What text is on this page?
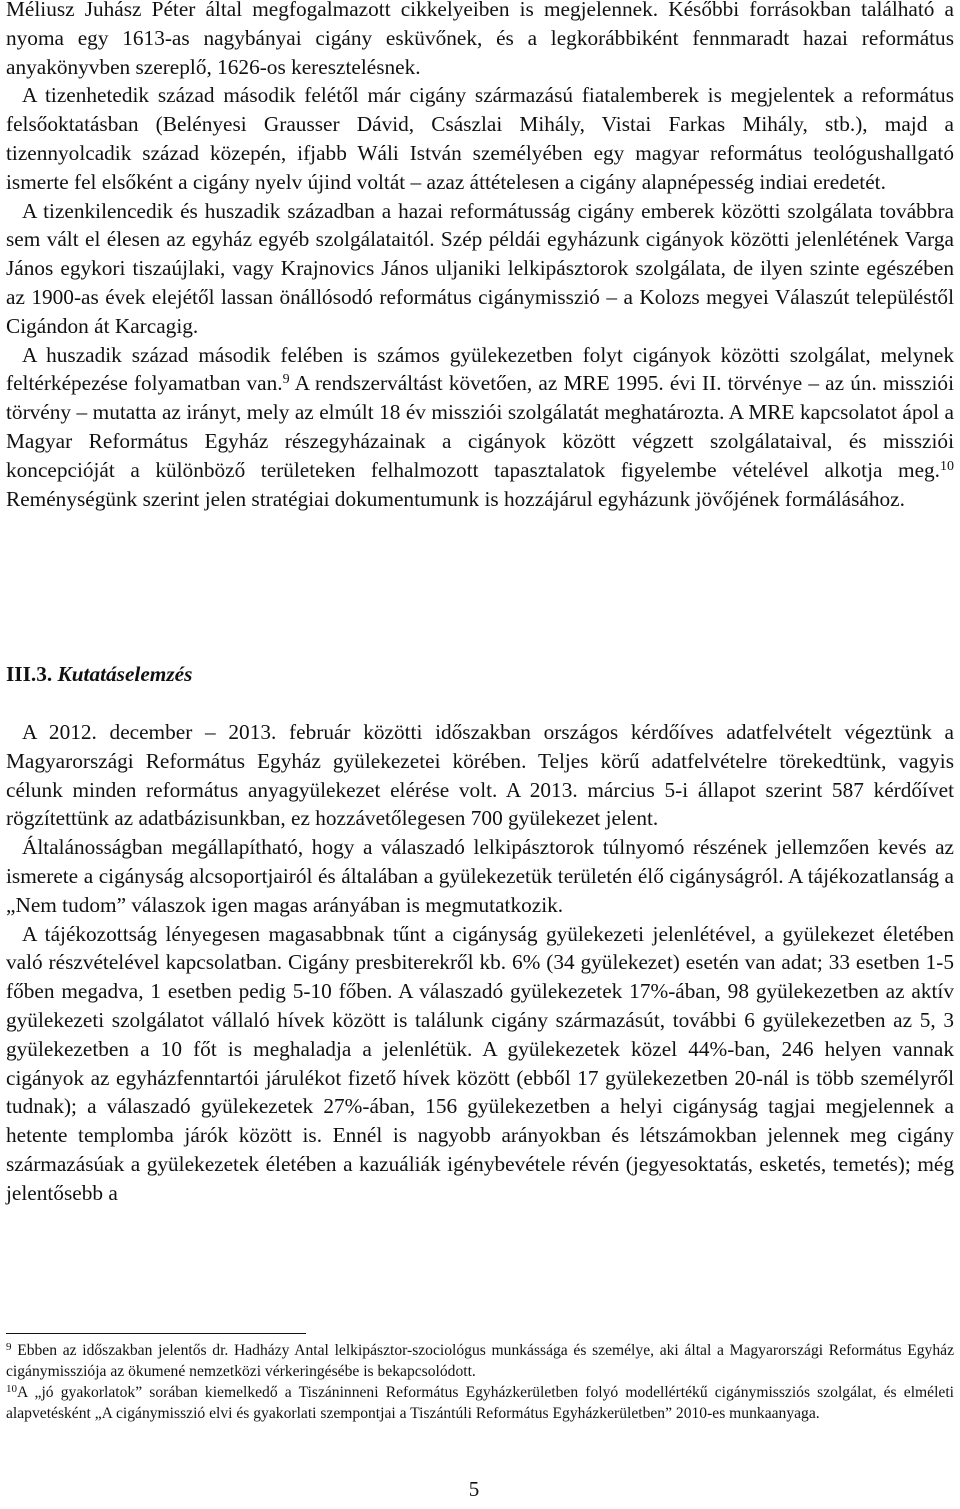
Méliusz Juhász Péter által megfogalmazott cikkelyeiben is megjelennek. Későbbi forrásokban található a nyoma egy 1613-as nagybányai cigány esküvőnek, és a legkorábbiként fennmaradt hazai református anyakönyvben szereplő, 1626-os keresztelésnek.

A tizenhetedik század második felétől már cigány származású fiatalemberek is megjelentek a református felsőoktatásban (Belényesi Grausser Dávid, Császlai Mihály, Vistai Farkas Mihály, stb.), majd a tizennyolcadik század közepén, ifjabb Wáli István személyében egy magyar református teológushallgató ismerte fel elsőként a cigány nyelv újind voltát – azaz áttételesen a cigány alapnépesség indiai eredetét.

A tizenkilencedik és huszadik században a hazai reformátusság cigány emberek közötti szolgálata továbbra sem vált el élesen az egyház egyéb szolgálataitól. Szép példái egyházunk cigányok közötti jelenlétének Varga János egykori tiszaújlaki, vagy Krajnovics János uljaniki lelkipásztorok szolgálata, de ilyen szinte egészében az 1900-as évek elejétől lassan önállósodó református cigánymisszió – a Kolozs megyei Válaszút településtől Cigándon át Karcagig.

A huszadik század második felében is számos gyülekezetben folyt cigányok közötti szolgálat, melynek feltérképezése folyamatban van.$^9$ A rendszerváltást követően, az MRE 1995. évi II. törvénye – az ún. missziói törvény – mutatta az irányt, mely az elmúlt 18 év missziói szolgálatát meghatározta. A MRE kapcsolatot ápol a Magyar Református Egyház részegyházainak a cigányok között végzett szolgálataival, és missziói koncepcióját a különböző területeken felhalmozott tapasztalatok figyelembe vételével alkotja meg.$^{10}$ Reménységünk szerint jelen stratégiai dokumentumunk is hozzájárul egyházunk jövőjének formálásához.

III.3. Kutatáselemzés

A 2012. december – 2013. február közötti időszakban országos kérdőíves adatfelvételt végeztünk a Magyarországi Református Egyház gyülekezetei körében. Teljes körű adatfelvételre törekedtünk, vagyis célunk minden református anyagyülekezet elérése volt. A 2013. március 5-i állapot szerint 587 kérdőívet rögzítettünk az adatbázisunkban, ez hozzávetőlegesen 700 gyülekezet jelent.

Általánosságban megállapítható, hogy a válaszadó lelkipásztorok túlnyomó részének jellemzően kevés az ismerete a cigányság alcsoportjairól és általában a gyülekezetük területén élő cigányságról. A tájékozatlanság a „Nem tudom” válaszok igen magas arányában is megmutatkozik.

A tájékozottság lényegesen magasabbnak tűnt a cigányság gyülekezeti jelenlétével, a gyülekezet életében való részvételével kapcsolatban. Cigány presbiterekről kb. 6% (34 gyülekezet) esetén van adat; 33 esetben 1-5 főben megadva, 1 esetben pedig 5-10 főben. A válaszadó gyülekezetek 17%-ában, 98 gyülekezetben az aktív gyülekezeti szolgálatot vállaló hívek között is találunk cigány származásút, további 6 gyülekezetben az 5, 3 gyülekezetben a 10 főt is meghaladja a jelenlétük. A gyülekezetek közel 44%-ban, 246 helyen vannak cigányok az egyházfenntartói járulékot fizető hívek között (ebből 17 gyülekezetben 20-nál is több személyről tudnak); a válaszadó gyülekezetek 27%-ában, 156 gyülekezetben a helyi cigányság tagjai megjelennek a hetente templomba járók között is. Ennél is nagyobb arányokban és létszámokban jelennek meg cigány származásúak a gyülekezetek életében a kazuáliák igénybevétele révén (jegyesoktatás, esketés, temetés); még jelentősebb a

$^9$ Ebben az időszakban jelentős dr. Hadházy Antal lelkipásztor-szociológus munkássága és személye, aki által a Magyarországi Református Egyház cigánymissziója az ökumené nemzetközi vérkeringésébe is bekapcsolódott.

$^{10}$A „jó gyakorlatok” sorában kiemelkedő a Tiszáninneni Református Egyházkerületben folyó modellértékű cigánymissziós szolgálat, és elméleti alapvetésként „A cigánymisszió elvi és gyakorlati szempontjai a Tiszántúli Református Egyházkerületben” 2010-es munkaanyaga.

5
